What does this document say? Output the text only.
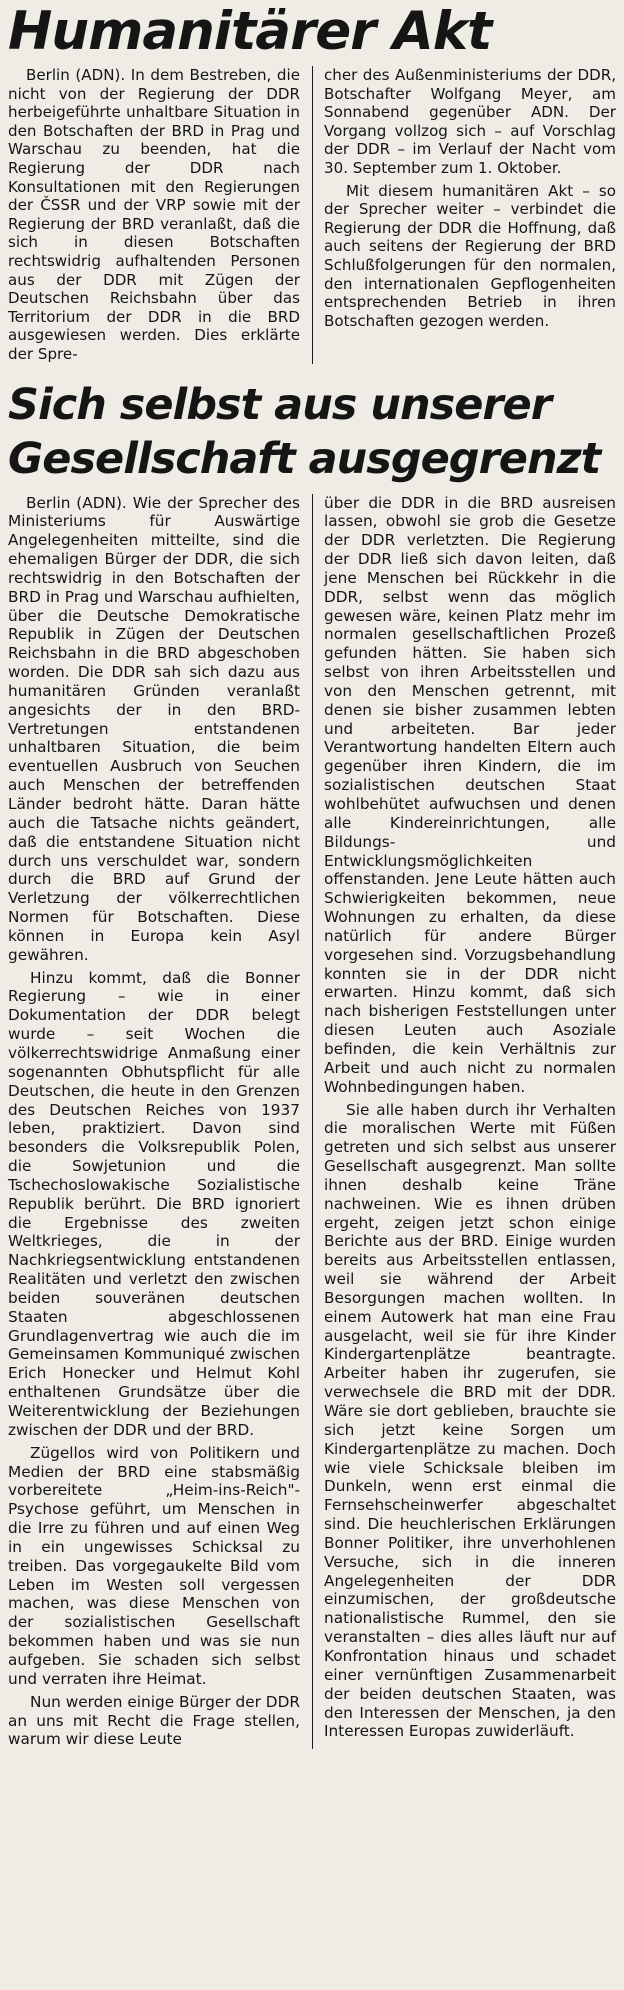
Humanitärer Akt

Berlin (ADN). In dem Bestreben, die nicht von der Regierung der DDR herbeigeführte unhaltbare Situation in den Botschaften der BRD in Prag und Warschau zu beenden, hat die Regierung der DDR nach Konsultationen mit den Regierungen der ČSSR und der VRP sowie mit der Regierung der BRD veranlaßt, daß die sich in diesen Botschaften rechtswidrig aufhaltenden Personen aus der DDR mit Zügen der Deutschen Reichsbahn über das Territorium der DDR in die BRD ausgewiesen werden. Dies erklärte der Spre-

cher des Außenministeriums der DDR, Botschafter Wolfgang Meyer, am Sonnabend gegenüber ADN. Der Vorgang vollzog sich – auf Vorschlag der DDR – im Verlauf der Nacht vom 30. September zum 1. Oktober.

Mit diesem humanitären Akt – so der Sprecher weiter – verbindet die Regierung der DDR die Hoffnung, daß auch seitens der Regierung der BRD Schlußfolgerungen für den normalen, den internationalen Gepflogenheiten entsprechenden Betrieb in ihren Botschaften gezogen werden.

Sich selbst aus unserer
Gesellschaft ausgegrenzt

Berlin (ADN). Wie der Sprecher des Ministeriums für Auswärtige Angelegenheiten mitteilte, sind die ehemaligen Bürger der DDR, die sich rechtswidrig in den Botschaften der BRD in Prag und Warschau aufhielten, über die Deutsche Demokratische Republik in Zügen der Deutschen Reichsbahn in die BRD abgeschoben worden. Die DDR sah sich dazu aus humanitären Gründen veranlaßt angesichts der in den BRD-Vertretungen entstandenen unhaltbaren Situation, die beim eventuellen Ausbruch von Seuchen auch Menschen der betreffenden Länder bedroht hätte. Daran hätte auch die Tatsache nichts geändert, daß die entstandene Situation nicht durch uns verschuldet war, sondern durch die BRD auf Grund der Verletzung der völkerrechtlichen Normen für Botschaften. Diese können in Europa kein Asyl gewähren.

Hinzu kommt, daß die Bonner Regierung – wie in einer Dokumentation der DDR belegt wurde – seit Wochen die völkerrechtswidrige Anmaßung einer sogenannten Obhutspflicht für alle Deutschen, die heute in den Grenzen des Deutschen Reiches von 1937 leben, praktiziert. Davon sind besonders die Volksrepublik Polen, die Sowjetunion und die Tschechoslowakische Sozialistische Republik berührt. Die BRD ignoriert die Ergebnisse des zweiten Weltkrieges, die in der Nachkriegsentwicklung entstandenen Realitäten und verletzt den zwischen beiden souveränen deutschen Staaten abgeschlossenen Grundlagenvertrag wie auch die im Gemeinsamen Kommuniqué zwischen Erich Honecker und Helmut Kohl enthaltenen Grundsätze über die Weiterentwicklung der Beziehungen zwischen der DDR und der BRD.

Zügellos wird von Politikern und Medien der BRD eine stabsmäßig vorbereitete „Heim-ins-Reich"-Psychose geführt, um Menschen in die Irre zu führen und auf einen Weg in ein ungewisses Schicksal zu treiben. Das vorgegaukelte Bild vom Leben im Westen soll vergessen machen, was diese Menschen von der sozialistischen Gesellschaft bekommen haben und was sie nun aufgeben. Sie schaden sich selbst und verraten ihre Heimat.

Nun werden einige Bürger der DDR an uns mit Recht die Frage stellen, warum wir diese Leute

über die DDR in die BRD ausreisen lassen, obwohl sie grob die Gesetze der DDR verletzten. Die Regierung der DDR ließ sich davon leiten, daß jene Menschen bei Rückkehr in die DDR, selbst wenn das möglich gewesen wäre, keinen Platz mehr im normalen gesellschaftlichen Prozeß gefunden hätten. Sie haben sich selbst von ihren Arbeitsstellen und von den Menschen getrennt, mit denen sie bisher zusammen lebten und arbeiteten. Bar jeder Verantwortung handelten Eltern auch gegenüber ihren Kindern, die im sozialistischen deutschen Staat wohlbehütet aufwuchsen und denen alle Kindereinrichtungen, alle Bildungs- und Entwicklungsmöglichkeiten offenstanden. Jene Leute hätten auch Schwierigkeiten bekommen, neue Wohnungen zu erhalten, da diese natürlich für andere Bürger vorgesehen sind. Vorzugsbehandlung konnten sie in der DDR nicht erwarten. Hinzu kommt, daß sich nach bisherigen Feststellungen unter diesen Leuten auch Asoziale befinden, die kein Verhältnis zur Arbeit und auch nicht zu normalen Wohnbedingungen haben.

Sie alle haben durch ihr Verhalten die moralischen Werte mit Füßen getreten und sich selbst aus unserer Gesellschaft ausgegrenzt. Man sollte ihnen deshalb keine Träne nachweinen. Wie es ihnen drüben ergeht, zeigen jetzt schon einige Berichte aus der BRD. Einige wurden bereits aus Arbeitsstellen entlassen, weil sie während der Arbeit Besorgungen machen wollten. In einem Autowerk hat man eine Frau ausgelacht, weil sie für ihre Kinder Kindergartenplätze beantragte. Arbeiter haben ihr zugerufen, sie verwechsele die BRD mit der DDR. Wäre sie dort geblieben, brauchte sie sich jetzt keine Sorgen um Kindergartenplätze zu machen. Doch wie viele Schicksale bleiben im Dunkeln, wenn erst einmal die Fernsehscheinwerfer abgeschaltet sind. Die heuchlerischen Erklärungen Bonner Politiker, ihre unverhohlenen Versuche, sich in die inneren Angelegenheiten der DDR einzumischen, der großdeutsche nationalistische Rummel, den sie veranstalten – dies alles läuft nur auf Konfrontation hinaus und schadet einer vernünftigen Zusammenarbeit der beiden deutschen Staaten, was den Interessen der Menschen, ja den Interessen Europas zuwiderläuft.
